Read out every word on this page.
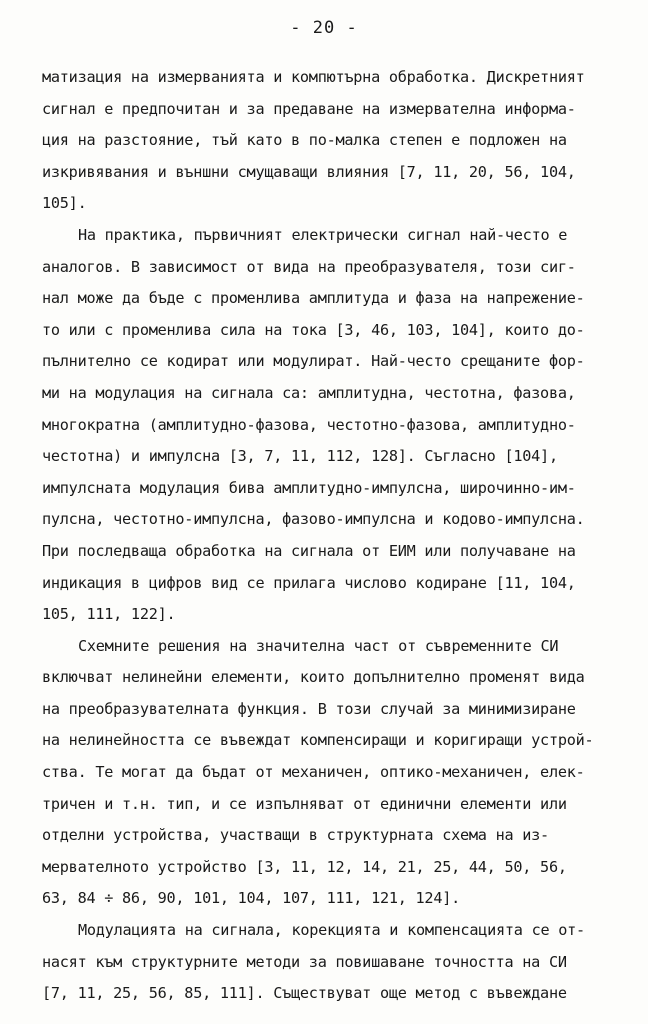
- 20 -
матизация на измерванията и компютърна обработка. Дискретният
сигнал е предпочитан и за предаване на измервателна информа-
ция на разстояние, тъй като в по-малка степен е подложен на
изкривявания и външни смущаващи влияния [7, 11, 20, 56, 104,
105].
На практика, първичният електрически сигнал най-често е
аналогов. В зависимост от вида на преобразувателя, този сиг-
нал може да бъде с променлива амплитуда и фаза на напрежение-
то или с променлива сила на тока [3, 46, 103, 104], които до-
пълнително се кодират или модулират. Най-често срещаните фор-
ми на модулация на сигнала са: амплитудна, честотна, фазова,
многократна (амплитудно-фазова, честотно-фазова, амплитудно-
честотна) и импулсна [3, 7, 11, 112, 128]. Съгласно [104],
импулсната модулация бива амплитудно-импулсна, широчинно-им-
пулсна, честотно-импулсна, фазово-импулсна и кодово-импулсна.
При последваща обработка на сигнала от ЕИМ или получаване на
индикация в цифров вид се прилага числово кодиране [11, 104,
105, 111, 122].
Схемните решения на значителна част от съвременните СИ
включват нелинейни елементи, които допълнително променят вида
на преобразувателната функция. В този случай за минимизиране
на нелинейността се въвеждат компенсиращи и коригиращи устрой-
ства. Те могат да бъдат от механичен, оптико-механичен, елек-
тричен и т.н. тип, и се изпълняват от единични елементи или
отделни устройства, участващи в структурната схема на из-
мервателното устройство [3, 11, 12, 14, 21, 25, 44, 50, 56,
63, 84 ÷ 86, 90, 101, 104, 107, 111, 121, 124].
Модулацията на сигнала, корекцията и компенсацията се от-
насят към структурните методи за повишаване точността на СИ
[7, 11, 25, 56, 85, 111]. Съществуват още метод с въвеждане
